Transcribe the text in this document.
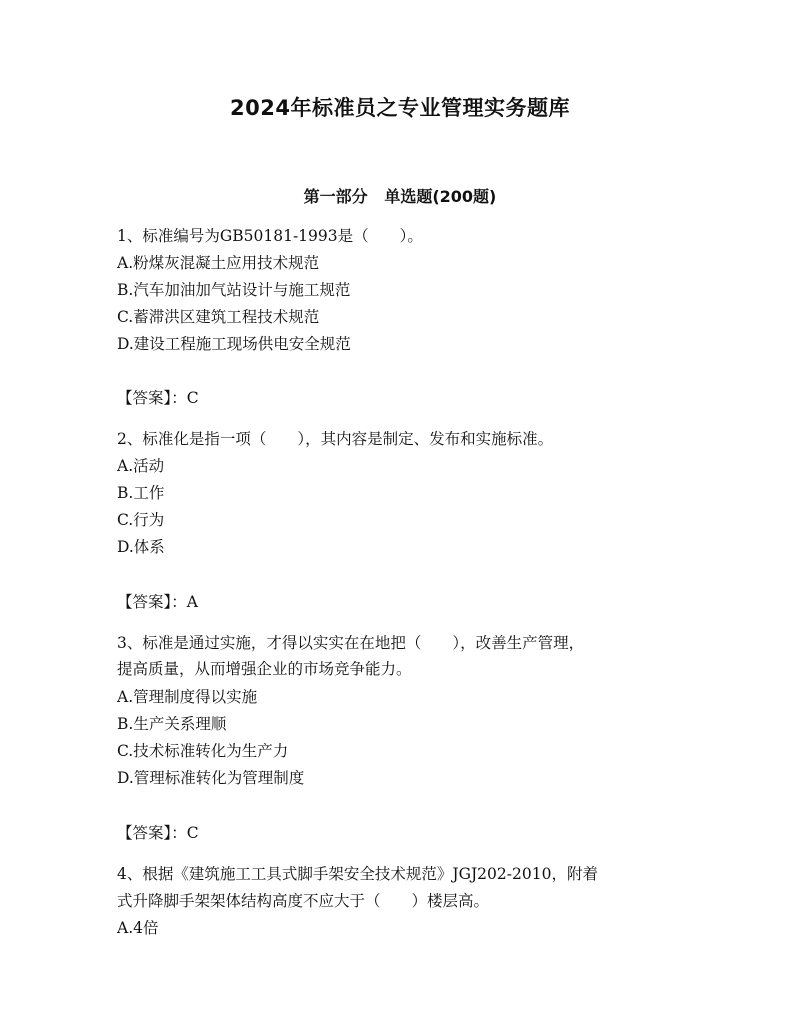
2024年标准员之专业管理实务题库
第一部分   单选题(200题)
1、标准编号为GB50181-1993是（　　）。
A.粉煤灰混凝土应用技术规范
B.汽车加油加气站设计与施工规范
C.蓄滞洪区建筑工程技术规范
D.建设工程施工现场供电安全规范
【答案】：C
2、标准化是指一项（　　），其内容是制定、发布和实施标准。
A.活动
B.工作
C.行为
D.体系
【答案】：A
3、标准是通过实施，才得以实实在在地把（　　），改善生产管理，
提高质量，从而增强企业的市场竞争能力。
A.管理制度得以实施
B.生产关系理顺
C.技术标准转化为生产力
D.管理标准转化为管理制度
【答案】：C
4、根据《建筑施工工具式脚手架安全技术规范》JGJ202-2010，附着
式升降脚手架架体结构高度不应大于（　　）楼层高。
A.4倍
